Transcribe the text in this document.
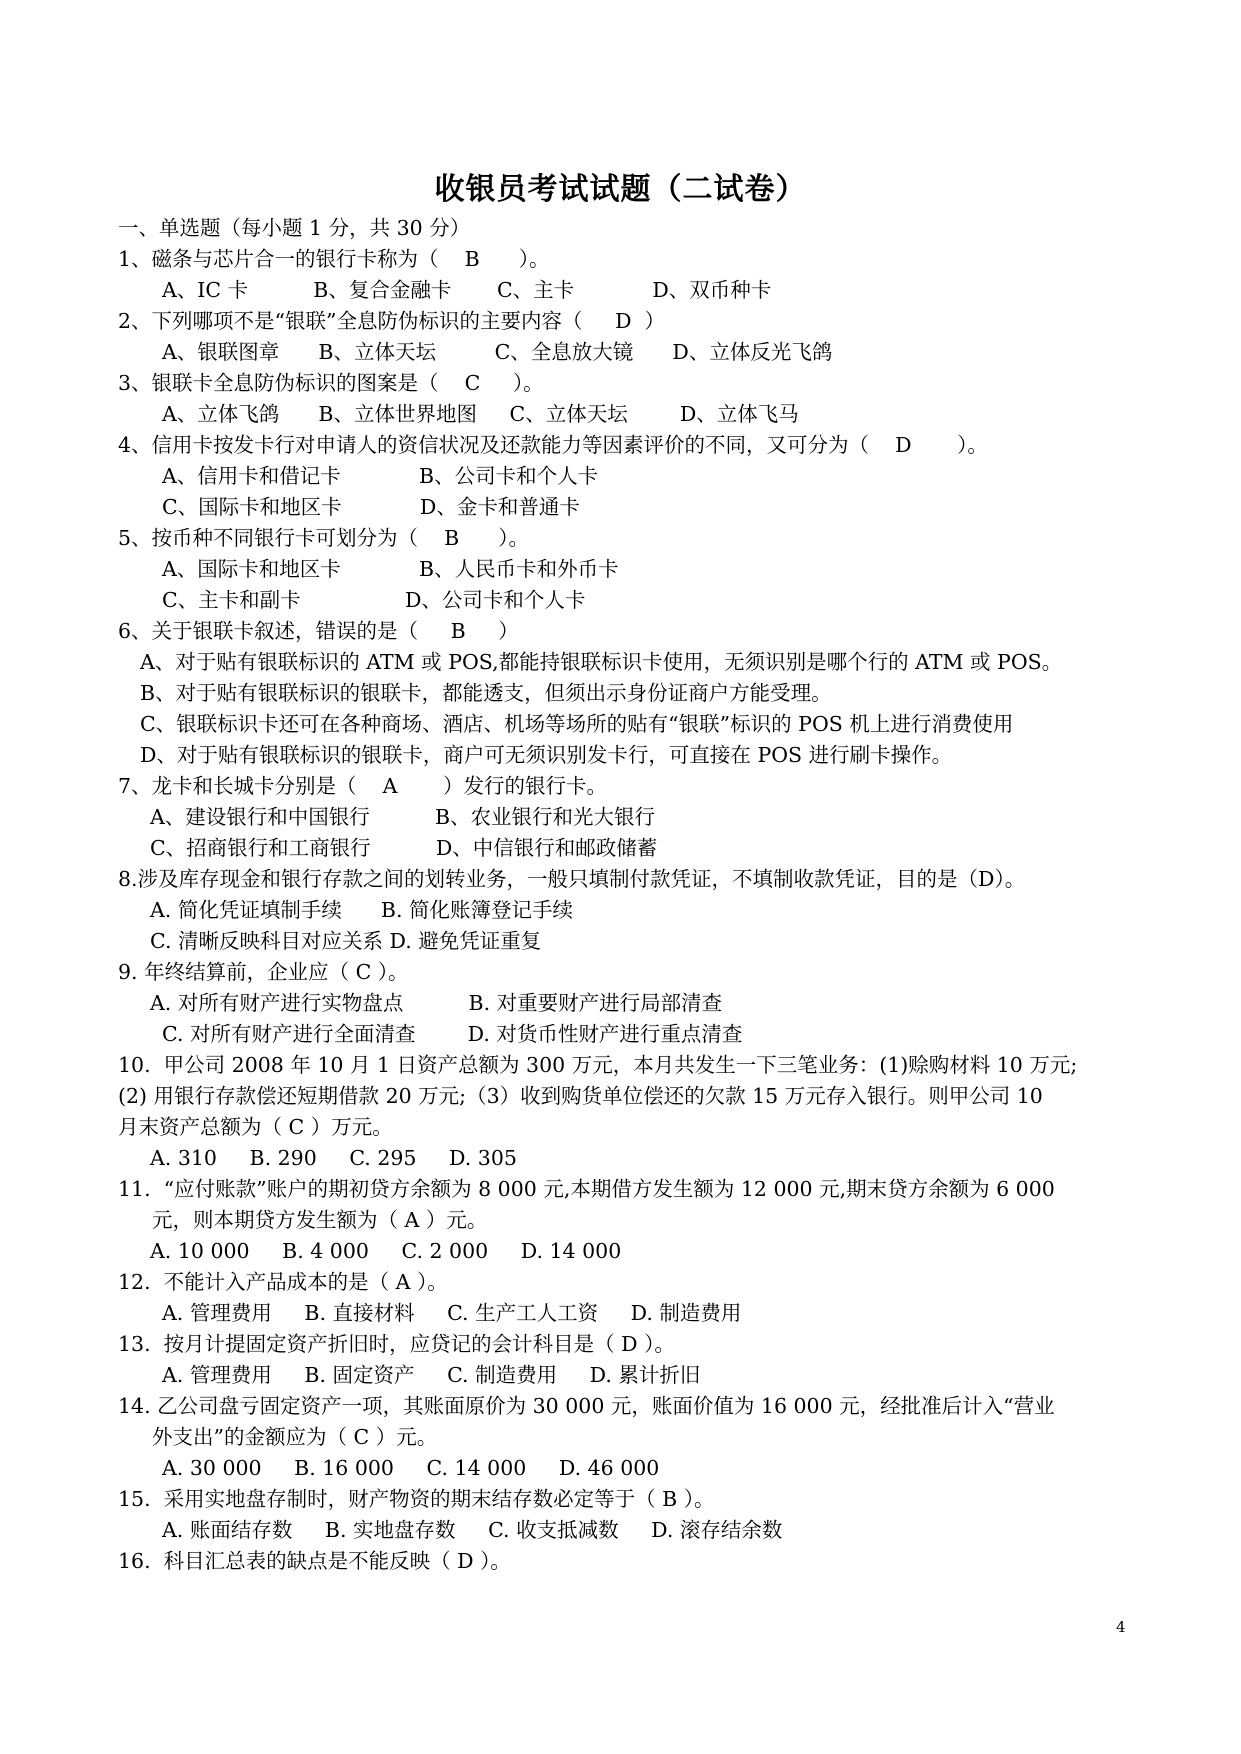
收银员考试试题（二试卷）
一、单选题（每小题 1 分，共 30 分）
1、磁条与芯片合一的银行卡称为（    B      ）。
A、IC 卡          B、复合金融卡       C、主卡            D、双币种卡
2、下列哪项不是“银联”全息防伪标识的主要内容（     D  ）
A、银联图章      B、立体天坛         C、全息放大镜      D、立体反光飞鸽
3、银联卡全息防伪标识的图案是（    C     ）。
A、立体飞鸽      B、立体世界地图     C、立体天坛        D、立体飞马
4、信用卡按发卡行对申请人的资信状况及还款能力等因素评价的不同，又可分为（    D       ）。
A、信用卡和借记卡            B、公司卡和个人卡
C、国际卡和地区卡            D、金卡和普通卡
5、按币种不同银行卡可划分为（    B      ）。
A、国际卡和地区卡            B、人民币卡和外币卡
C、主卡和副卡                D、公司卡和个人卡
6、关于银联卡叙述，错误的是（     B     ）
A、对于贴有银联标识的 ATM 或 POS,都能持银联标识卡使用，无须识别是哪个行的 ATM 或 POS。
B、对于贴有银联标识的银联卡，都能透支，但须出示身份证商户方能受理。
C、银联标识卡还可在各种商场、酒店、机场等场所的贴有“银联”标识的 POS 机上进行消费使用
D、对于贴有银联标识的银联卡，商户可无须识别发卡行，可直接在 POS 进行刷卡操作。
7、龙卡和长城卡分别是（    A       ）发行的银行卡。
A、建设银行和中国银行          B、农业银行和光大银行
C、招商银行和工商银行          D、中信银行和邮政储蓄
8.涉及库存现金和银行存款之间的划转业务，一般只填制付款凭证，不填制收款凭证，目的是（D）。
A. 简化凭证填制手续      B. 简化账簿登记手续
C. 清晰反映科目对应关系 D. 避免凭证重复
9. 年终结算前，企业应（ C ）。
A. 对所有财产进行实物盘点          B. 对重要财产进行局部清查
C. 对所有财产进行全面清查        D. 对货币性财产进行重点清查
10.  甲公司 2008 年 10 月 1 日资产总额为 300 万元，本月共发生一下三笔业务：(1)赊购材料 10 万元;
(2) 用银行存款偿还短期借款 20 万元;（3）收到购货单位偿还的欠款 15 万元存入银行。则甲公司 10
月末资产总额为（ C ）万元。
A. 310     B. 290     C. 295     D. 305
11.  “应付账款”账户的期初贷方余额为 8 000 元,本期借方发生额为 12 000 元,期末贷方余额为 6 000
元，则本期贷方发生额为（ A ）元。
A. 10 000     B. 4 000     C. 2 000     D. 14 000
12.  不能计入产品成本的是（ A ）。
A. 管理费用     B. 直接材料     C. 生产工人工资     D. 制造费用
13.  按月计提固定资产折旧时，应贷记的会计科目是（ D ）。
A. 管理费用     B. 固定资产     C. 制造费用     D. 累计折旧
14. 乙公司盘亏固定资产一项，其账面原价为 30 000 元，账面价值为 16 000 元，经批准后计入“营业
外支出”的金额应为（ C ）元。
A. 30 000     B. 16 000     C. 14 000     D. 46 000
15.  采用实地盘存制时，财产物资的期末结存数必定等于（ B ）。
A. 账面结存数     B. 实地盘存数     C. 收支抵减数     D. 滚存结余数
16.  科目汇总表的缺点是不能反映（ D ）。
4
